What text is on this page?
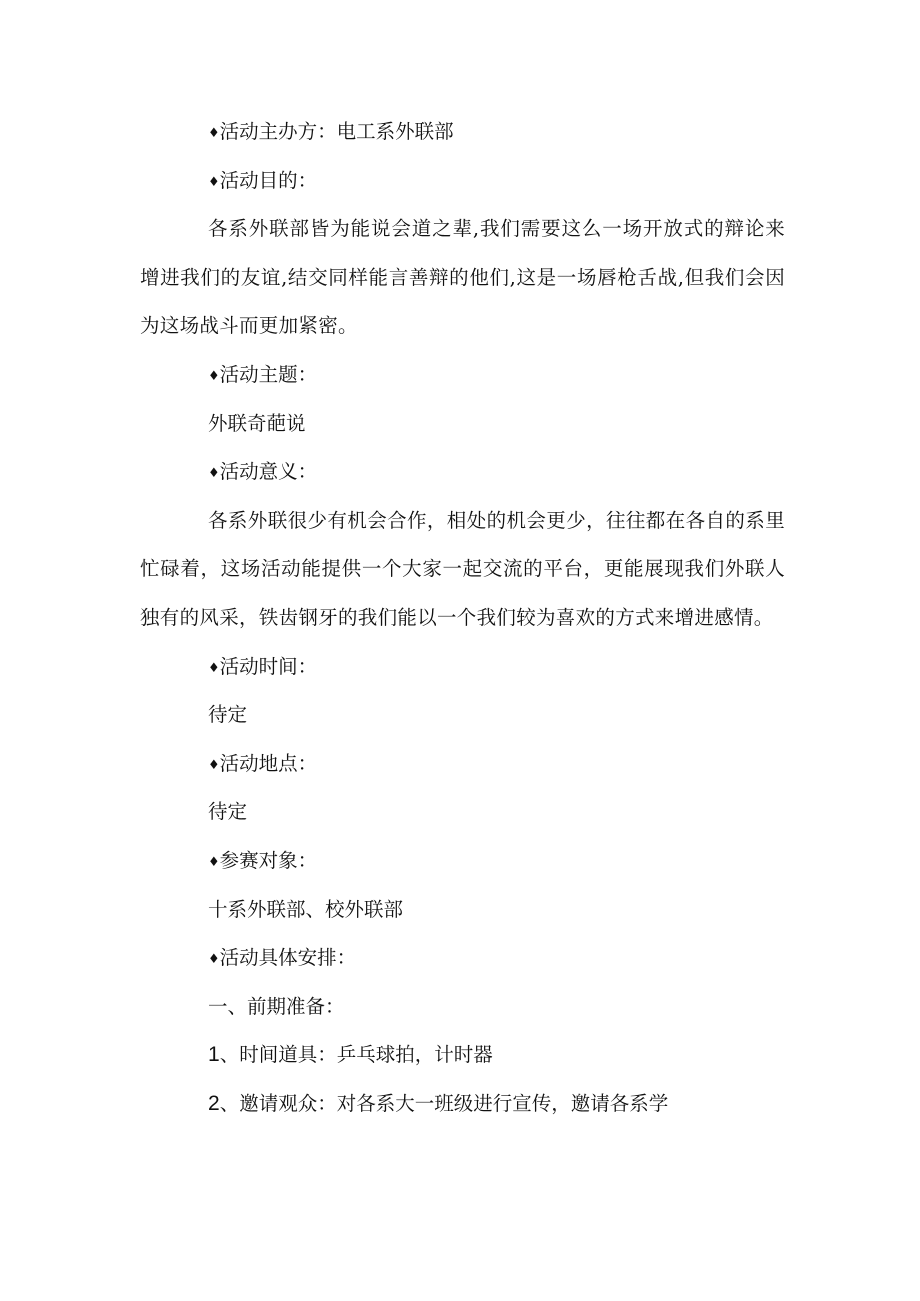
♦活动主办方：电工系外联部
♦活动目的：
各系外联部皆为能说会道之辈,我们需要这么一场开放式的辩论来增进我们的友谊,结交同样能言善辩的他们,这是一场唇枪舌战,但我们会因为这场战斗而更加紧密。
♦活动主题：
外联奇葩说
♦活动意义：
各系外联很少有机会合作，相处的机会更少，往往都在各自的系里忙碌着，这场活动能提供一个大家一起交流的平台，更能展现我们外联人独有的风采，铁齿钢牙的我们能以一个我们较为喜欢的方式来增进感情。
♦活动时间：
待定
♦活动地点：
待定
♦参赛对象：
十系外联部、校外联部
♦活动具体安排：
一、前期准备：
1、时间道具：乒乓球拍，计时器
2、邀请观众：对各系大一班级进行宣传，邀请各系学
